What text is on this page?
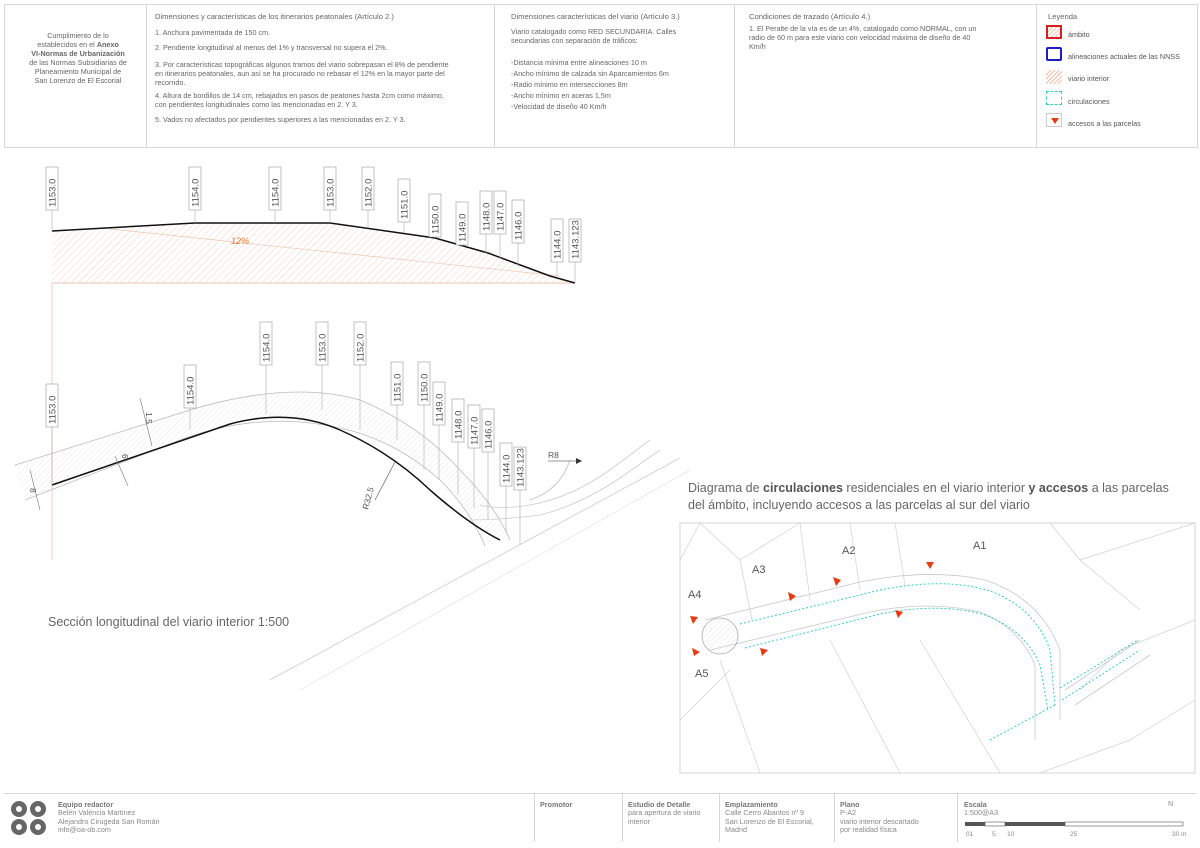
Cumplimiento de lo
establecidos en el Anexo
VI-Normas de Urbanización
de las Normas Subsidiarias de
Planeamiento Municipal de
San Lorenzo de El Escorial
Dimensiones y características de los itinerarios peatonales (Artículo 2.)
1. Anchura pavimentada de 150 cm.
2. Pendiente longitudinal al menos del 1% y transversal no supera el 2%.
3. Por características topográficas algunos tramos del viario sobrepasan el 8% de pendiente
en itinerarios peatonales, aun así se ha procurado no rebasar el 12% en la mayor parte del
recorrido.
4. Altura de bordillos de 14 cm, rebajados en pasos de peatones hasta 2cm como máximo,
con pendientes longitudinales como las mencionadas en 2. Y 3.
5. Vados no afectados por pendientes superiores a las mencionadas en 2. Y 3.
Dimensiones características del viario (Artículo 3.)
Viario catalogado como RED SECUNDARIA. Calles
secundarias con separación de tráficos:
-Distancia mínima entre alineaciones 10 m
-Ancho mínimo de calzada sin Aparcamientos 6m
-Radio mínimo en intersecciones 8m
-Ancho mínimo en aceras 1,5m
-Velocidad de diseño 40 Km/h
Condiciones de trazado (Artículo 4.)
1. El Peralte de la vía es de un 4%, catalogado como NORMAL, con un
radio de 60 m para este viario con velocidad máxima de diseño de 40
Km/h
Leyenda
ámbito
alineaciones actuales de las NNSS
viario interior
circulaciones
accesos a las parcelas
12%
1153.0	1154.0	1154.0	1153.0	1152.0	1151.0
1150.0 1149.0 1148.0 1147.0 1146.0
1144.0 1143.123
1.5
6
8	R32.5
R8
1153.0
1154.0
1154.0	1153.0	1152.0
1151.0 1150.0
1149.0
1148.0 1147.0 1146.0
1144.0 1143.123
A1
A2
A3
A4
A5
Sección longitudinal del viario interior 1:500
Diagrama de circulaciones residenciales en el viario interior y accesos a las parcelas
del ámbito, incluyendo accesos a las parcelas al sur del viario
Equipo redactor
Belén Valencia Martínez
Alejandro Cirugeda San Román
info@oa-ob.com
Promotor	Estudio de Detalle
para apertura de viario
interior
Emplazamiento
Calle Cerro Abantos nº 9
San Lorenzo de El Escorial,
Madrid
Plano
P-A2
viario interior descartado
por realidad física
Escala
1:500@A3
N
01	5 10	25	30 m
